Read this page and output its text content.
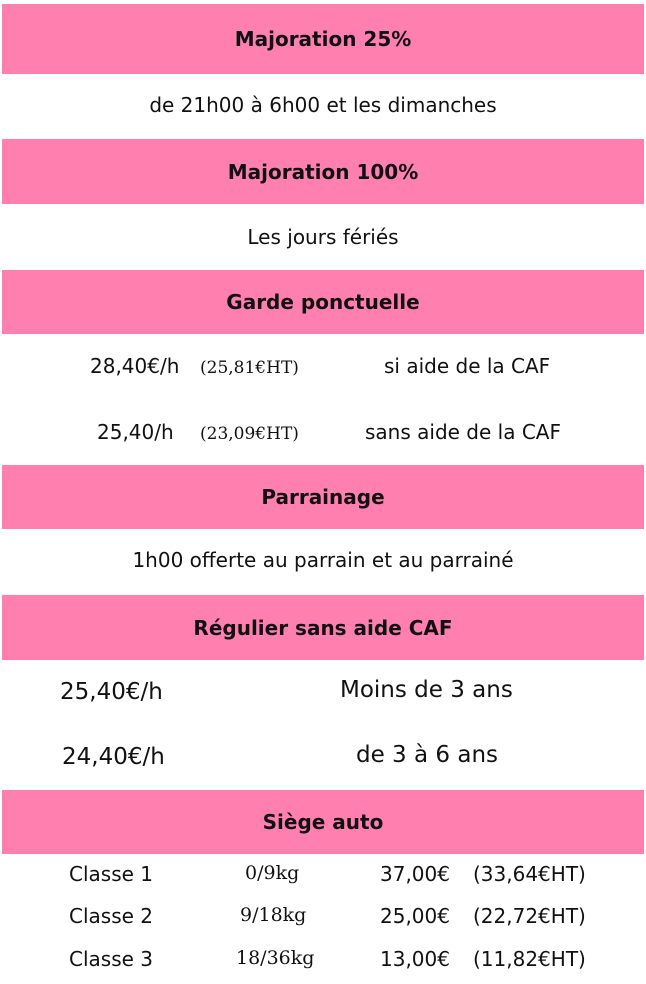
Majoration 25%
de 21h00 à 6h00 et les dimanches
Majoration 100%
Les jours fériés
Garde ponctuelle
28,40€/h (25,81€HT)	si aide de la CAF
25,40/h (23,09€HT)	sans aide de la CAF
Parrainage
1h00 offerte au parrain et au parrainé
Régulier sans aide CAF
25,40€/h	Moins de 3 ans
24,40€/h	de 3 à 6 ans
Siège auto
Classe 1	0/9kg	37,00€ (33,64€HT)
Classe 2	9/18kg	25,00€ (22,72€HT)
Classe 3	18/36kg	13,00€ (11,82€HT)
